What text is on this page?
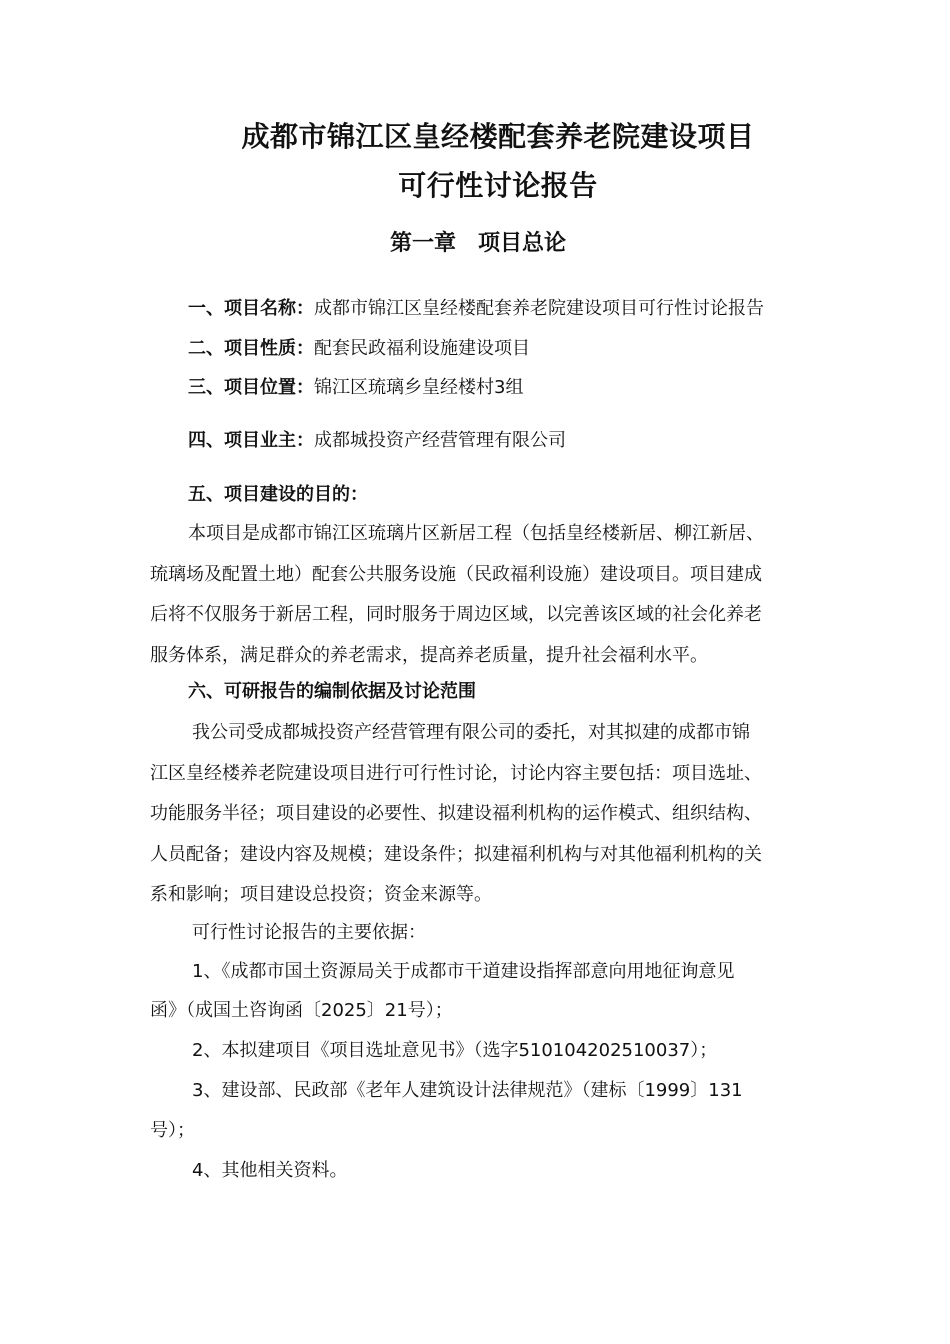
成都市锦江区皇经楼配套养老院建设项目
可行性讨论报告
第一章　项目总论
一、项目名称：成都市锦江区皇经楼配套养老院建设项目可行性讨论报告
二、项目性质：配套民政福利设施建设项目
三、项目位置：锦江区琉璃乡皇经楼村3组
四、项目业主：成都城投资产经营管理有限公司
五、项目建设的目的：
本项目是成都市锦江区琉璃片区新居工程（包括皇经楼新居、柳江新居、
琉璃场及配置土地）配套公共服务设施（民政福利设施）建设项目。项目建成
后将不仅服务于新居工程，同时服务于周边区域，以完善该区域的社会化养老
服务体系，满足群众的养老需求，提高养老质量，提升社会福利水平。
六、可研报告的编制依据及讨论范围
我公司受成都城投资产经营管理有限公司的委托，对其拟建的成都市锦
江区皇经楼养老院建设项目进行可行性讨论，讨论内容主要包括：项目选址、
功能服务半径；项目建设的必要性、拟建设福利机构的运作模式、组织结构、
人员配备；建设内容及规模；建设条件；拟建福利机构与对其他福利机构的关
系和影响；项目建设总投资；资金来源等。
可行性讨论报告的主要依据：
1、《成都市国土资源局关于成都市干道建设指挥部意向用地征询意见
函》（成国土咨询函〔2025〕21号）；
2、本拟建项目《项目选址意见书》（选字510104202510037）；
3、建设部、民政部《老年人建筑设计法律规范》（建标〔1999〕131
号）；
4、其他相关资料。
